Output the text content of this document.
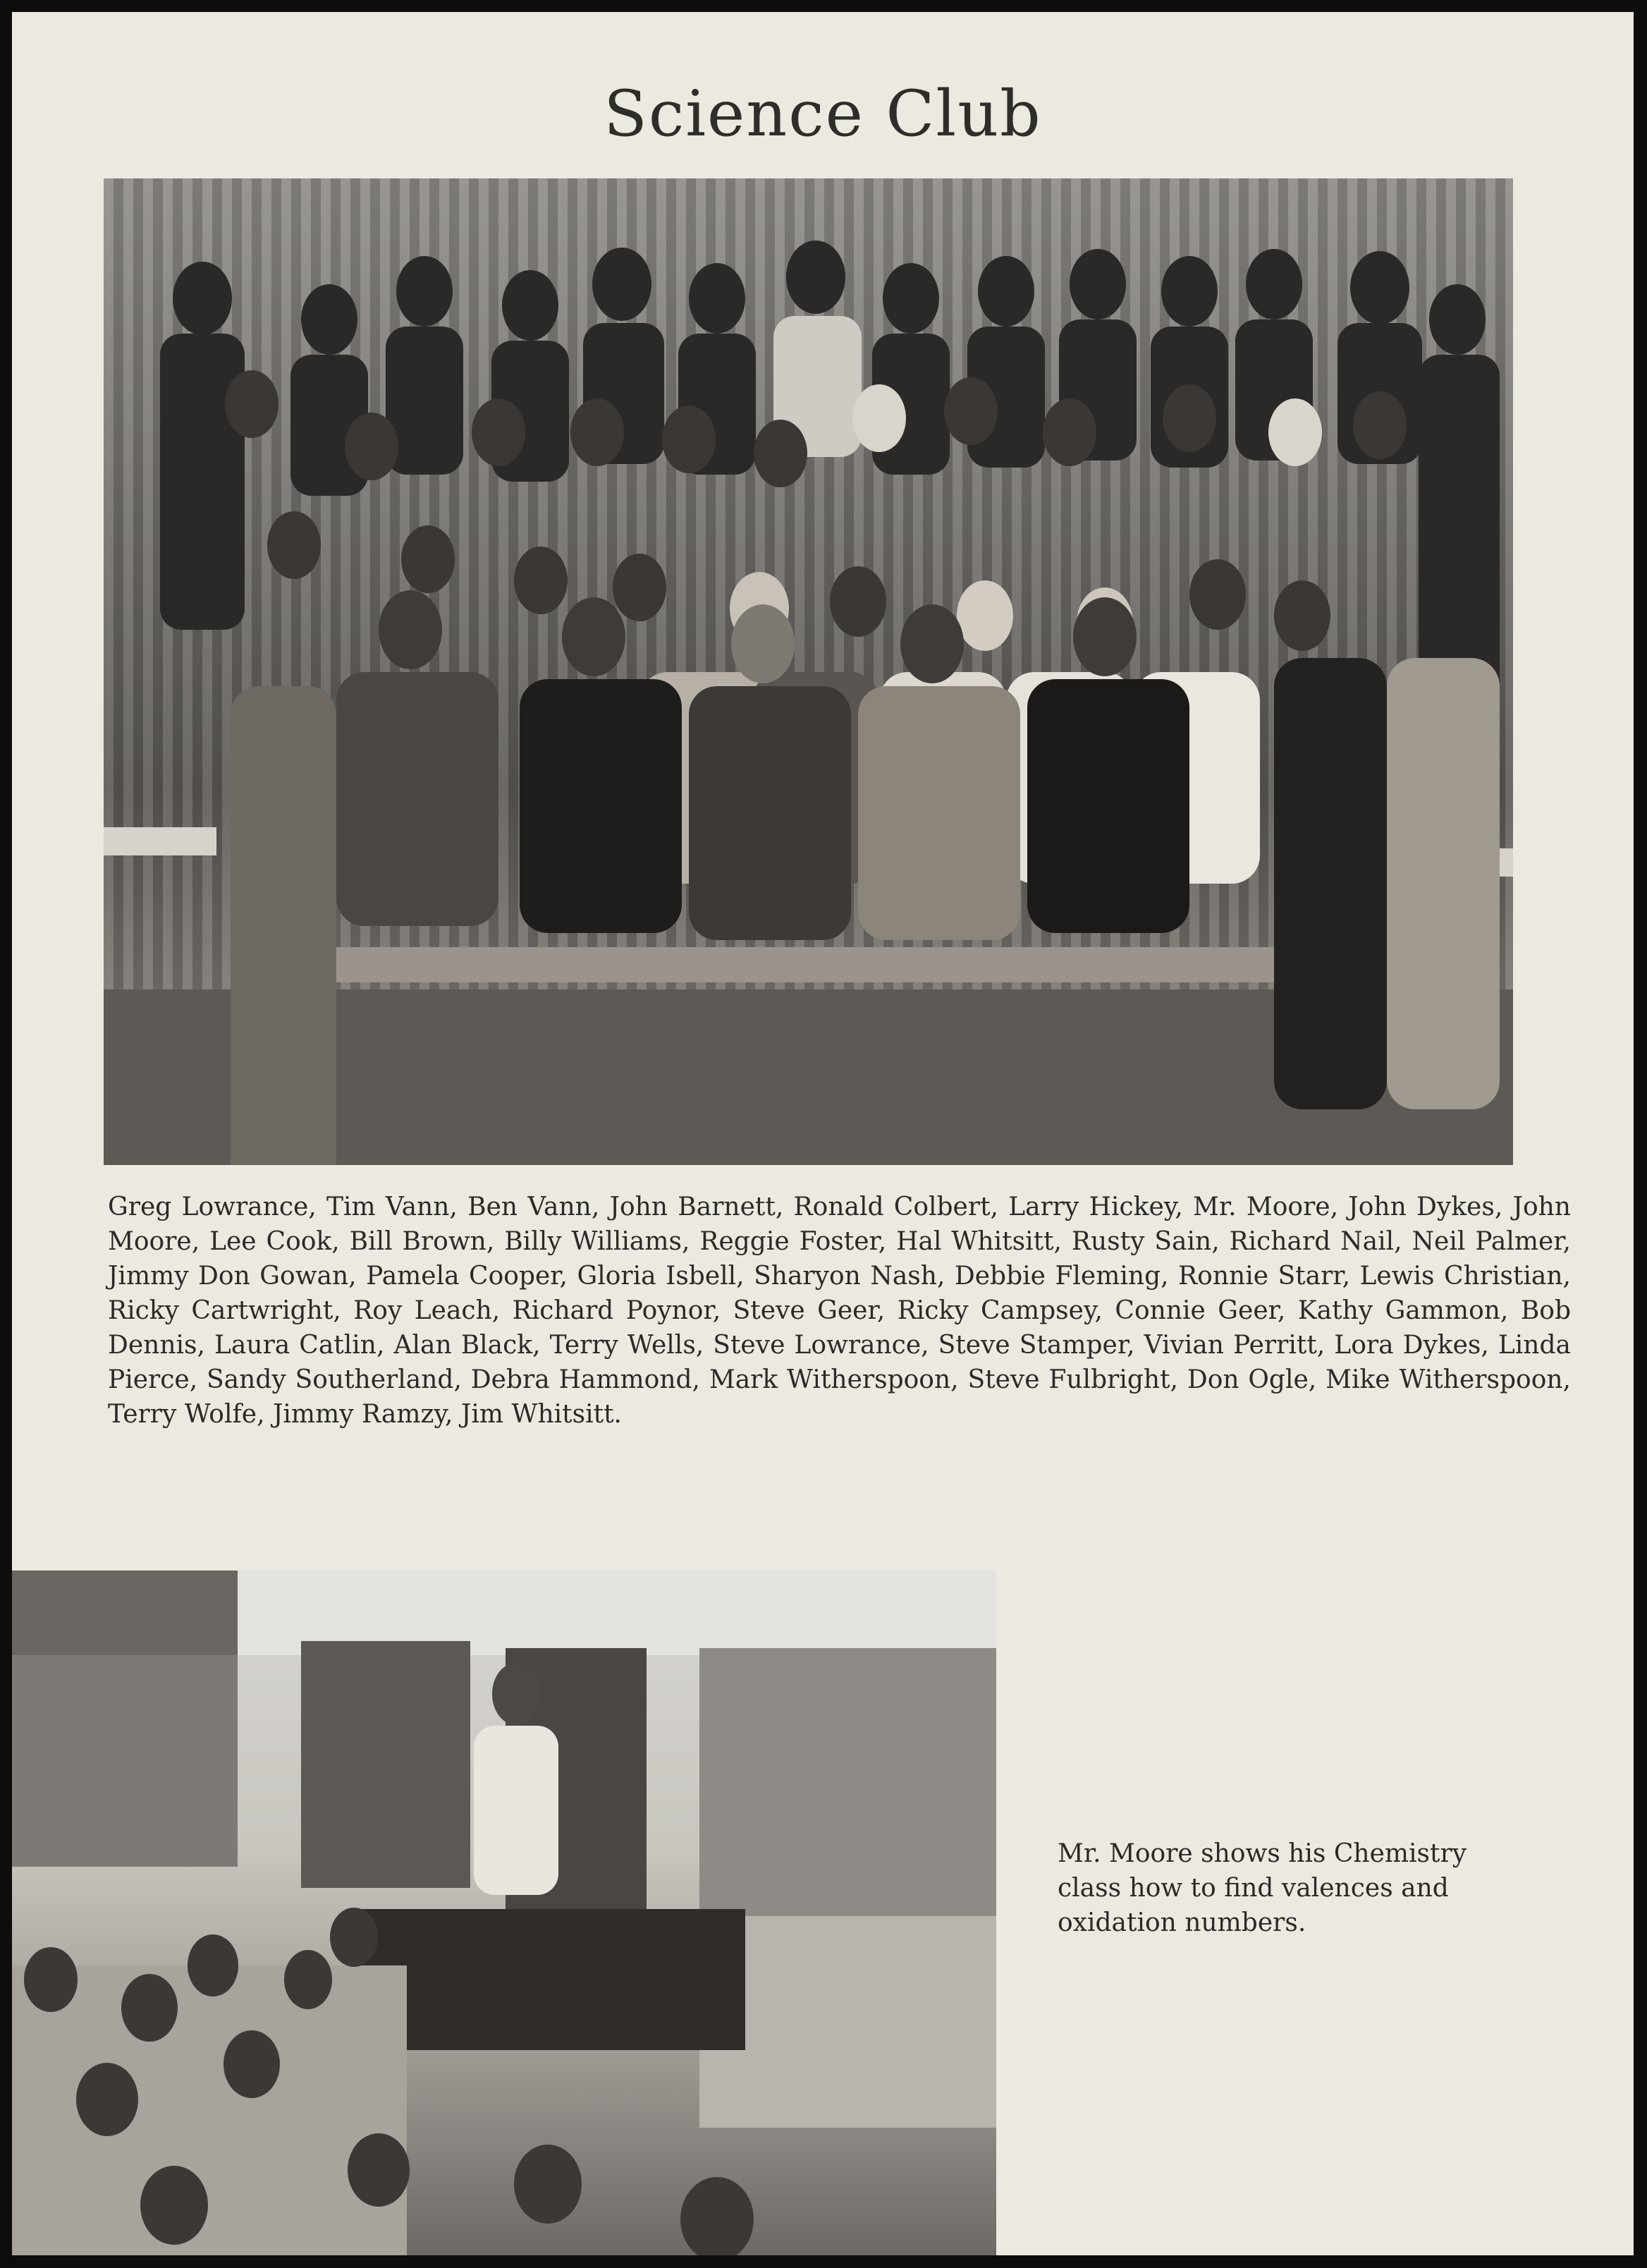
Science Club

Greg Lowrance, Tim Vann, Ben Vann, John Barnett, Ronald Colbert, Larry Hickey, Mr. Moore, John Dykes, John Moore, Lee Cook, Bill Brown, Billy Williams, Reggie Foster, Hal Whitsitt, Rusty Sain, Richard Nail, Neil Palmer, Jimmy Don Gowan, Pamela Cooper, Gloria Isbell, Sharyon Nash, Debbie Fleming, Ronnie Starr, Lewis Christian, Ricky Cartwright, Roy Leach, Richard Poynor, Steve Geer, Ricky Campsey, Connie Geer, Kathy Gammon, Bob Dennis, Laura Catlin, Alan Black, Terry Wells, Steve Lowrance, Steve Stamper, Vivian Perritt, Lora Dykes, Linda Pierce, Sandy Southerland, Debra Hammond, Mark Witherspoon, Steve Fulbright, Don Ogle, Mike Witherspoon, Terry Wolfe, Jimmy Ramzy, Jim Whitsitt.

Mr. Moore shows his Chemistry class how to find valences and oxidation numbers.
